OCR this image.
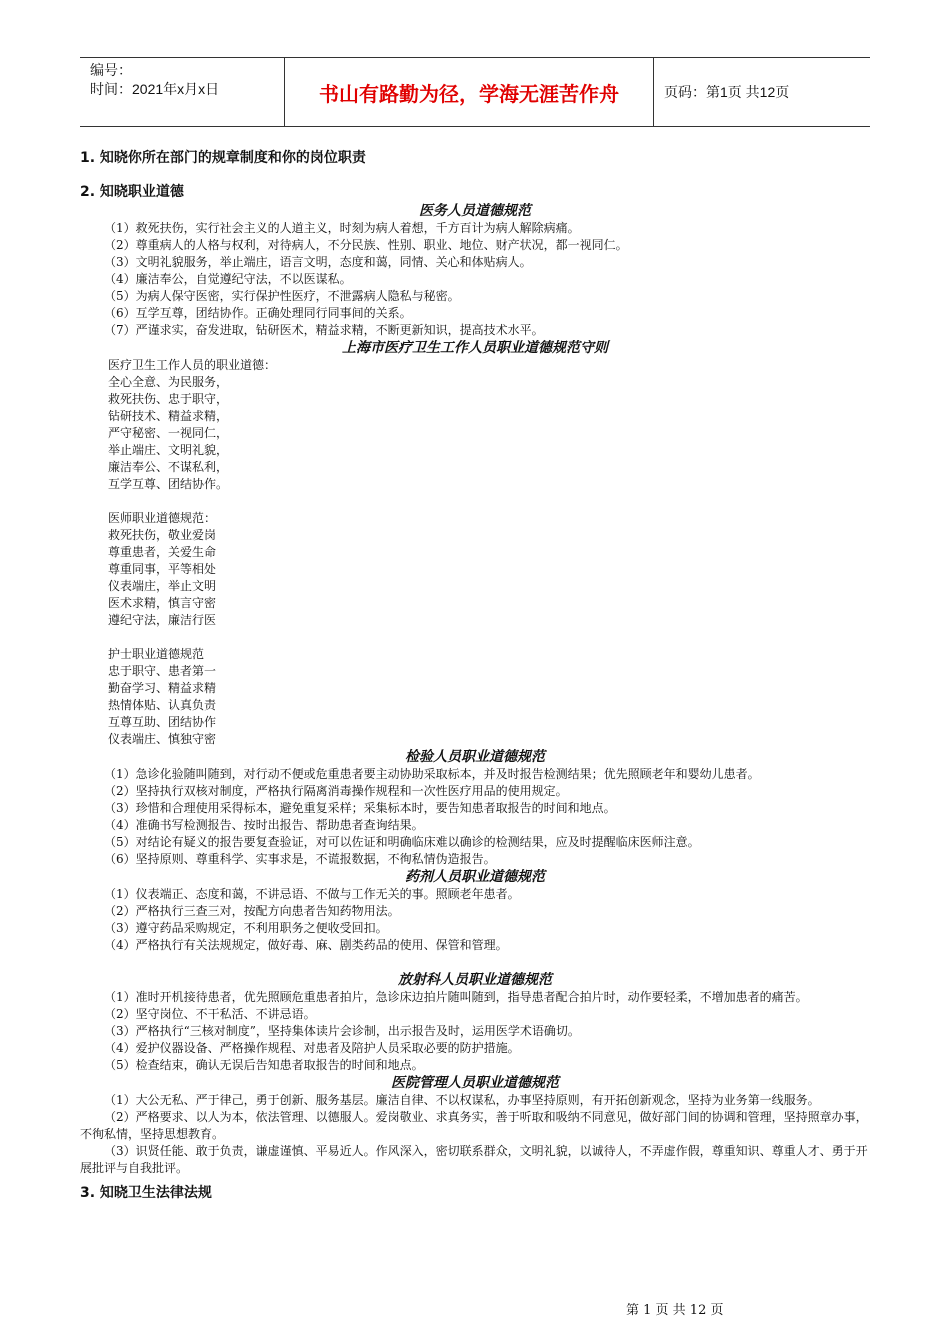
编号：
时间：2021年x月x日	书山有路勤为径，学海无涯苦作舟	页码：第1页 共12页
1. 知晓你所在部门的规章制度和你的岗位职责
2. 知晓职业道德
医务人员道德规范

（1）救死扶伤，实行社会主义的人道主义，时刻为病人着想，千方百计为病人解除病痛。

（2）尊重病人的人格与权利，对待病人，不分民族、性别、职业、地位、财产状况，都一视同仁。

（3）文明礼貌服务，举止端庄，语言文明，态度和蔼，同情、关心和体贴病人。

（4）廉洁奉公，自觉遵纪守法，不以医谋私。

（5）为病人保守医密，实行保护性医疗，不泄露病人隐私与秘密。

（6）互学互尊，团结协作。正确处理同行同事间的关系。

（7）严谨求实，奋发进取，钻研医术，精益求精，不断更新知识，提高技术水平。

上海市医疗卫生工作人员职业道德规范守则

医疗卫生工作人员的职业道德：

全心全意、为民服务，

救死扶伤、忠于职守，

钻研技术、精益求精，

严守秘密、一视同仁，

举止端庄、文明礼貌，

廉洁奉公、不谋私利，

互学互尊、团结协作。

医师职业道德规范：

救死扶伤，敬业爱岗

尊重患者，关爱生命

尊重同事，平等相处

仪表端庄，举止文明

医术求精，慎言守密

遵纪守法，廉洁行医

护士职业道德规范

忠于职守、患者第一

勤奋学习、精益求精

热情体贴、认真负责

互尊互助、团结协作

仪表端庄、慎独守密

检验人员职业道德规范

（1）急诊化验随叫随到，对行动不便或危重患者要主动协助采取标本，并及时报告检测结果；优先照顾老年和婴幼儿患者。

（2）坚持执行双核对制度，严格执行隔离消毒操作规程和一次性医疗用品的使用规定。

（3）珍惜和合理使用采得标本，避免重复采样；采集标本时，要告知患者取报告的时间和地点。

（4）准确书写检测报告、按时出报告、帮助患者查询结果。

（5）对结论有疑义的报告要复查验证，对可以佐证和明确临床难以确诊的检测结果，应及时提醒临床医师注意。

（6）坚持原则、尊重科学、实事求是，不谎报数据，不徇私情伪造报告。

药剂人员职业道德规范

（1）仪表端正、态度和蔼，不讲忌语、不做与工作无关的事。照顾老年患者。

（2）严格执行三查三对，按配方向患者告知药物用法。

（3）遵守药品采购规定，不利用职务之便收受回扣。

（4）严格执行有关法规规定，做好毒、麻、剧类药品的使用、保管和管理。

放射科人员职业道德规范

（1）准时开机接待患者，优先照顾危重患者拍片，急诊床边拍片随叫随到，指导患者配合拍片时，动作要轻柔，不增加患者的痛苦。

（2）坚守岗位、不干私活、不讲忌语。

（3）严格执行“三核对制度”，坚持集体读片会诊制，出示报告及时，运用医学术语确切。

（4）爱护仪器设备、严格操作规程、对患者及陪护人员采取必要的防护措施。

（5）检查结束，确认无误后告知患者取报告的时间和地点。

医院管理人员职业道德规范

（1）大公无私、严于律己，勇于创新、服务基层。廉洁自律、不以权谋私，办事坚持原则，有开拓创新观念，坚持为业务第一线服务。

（2）严格要求、以人为本，依法管理、以德服人。爱岗敬业、求真务实，善于听取和吸纳不同意见，做好部门间的协调和管理，坚持照章办事，不徇私情，坚持思想教育。

（3）识贤任能、敢于负责，谦虚谨慎、平易近人。作风深入，密切联系群众，文明礼貌，以诚待人，不弄虚作假，尊重知识、尊重人才、勇于开展批评与自我批评。

3. 知晓卫生法律法规
第 1 页 共 12 页
